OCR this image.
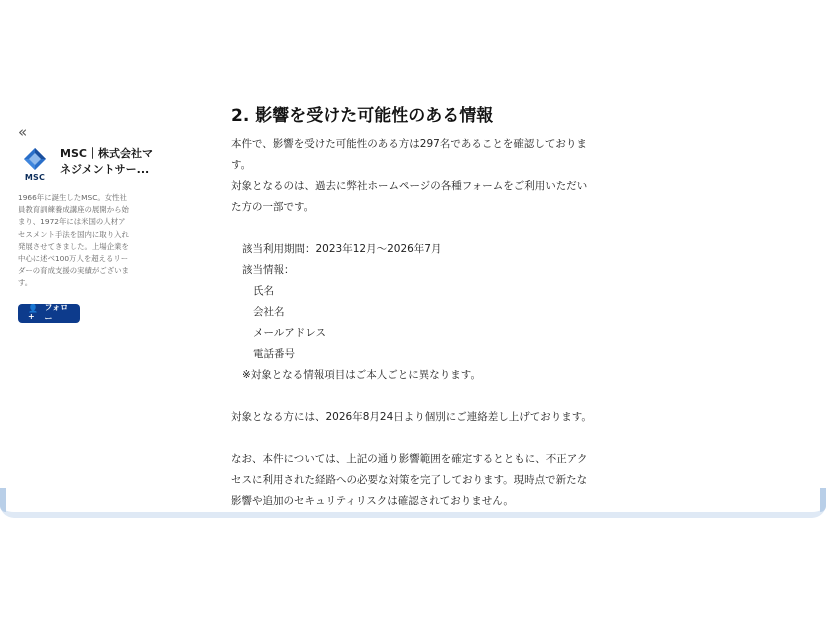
«
MSC
MSC｜株式会社マ
ネジメントサー...

1966年に誕生したMSC。女性社員教育訓練養成講座の展開から始まり、1972年には米国の人材アセスメント手法を国内に取り入れ発展させてきました。上場企業を中心に述べ100万人を超えるリーダーの育成支援の実績がございます。

👤+
フォロー
2. 影響を受けた可能性のある情報

本件で、影響を受けた可能性のある方は297名であることを確認しておりま
す。

対象となるのは、過去に弊社ホームページの各種フォームをご利用いただい
た方の一部です。

該当利用期間：2023年12月～2026年7月

該当情報：

氏名

会社名

メールアドレス

電話番号

※対象となる情報項目はご本人ごとに異なります。

対象となる方には、2026年8月24日より個別にご連絡差し上げております。

なお、本件については、上記の通り影響範囲を確定するとともに、不正アク
セスに利用された経路への必要な対策を完了しております。現時点で新たな
影響や追加のセキュリティリスクは確認されておりません。
